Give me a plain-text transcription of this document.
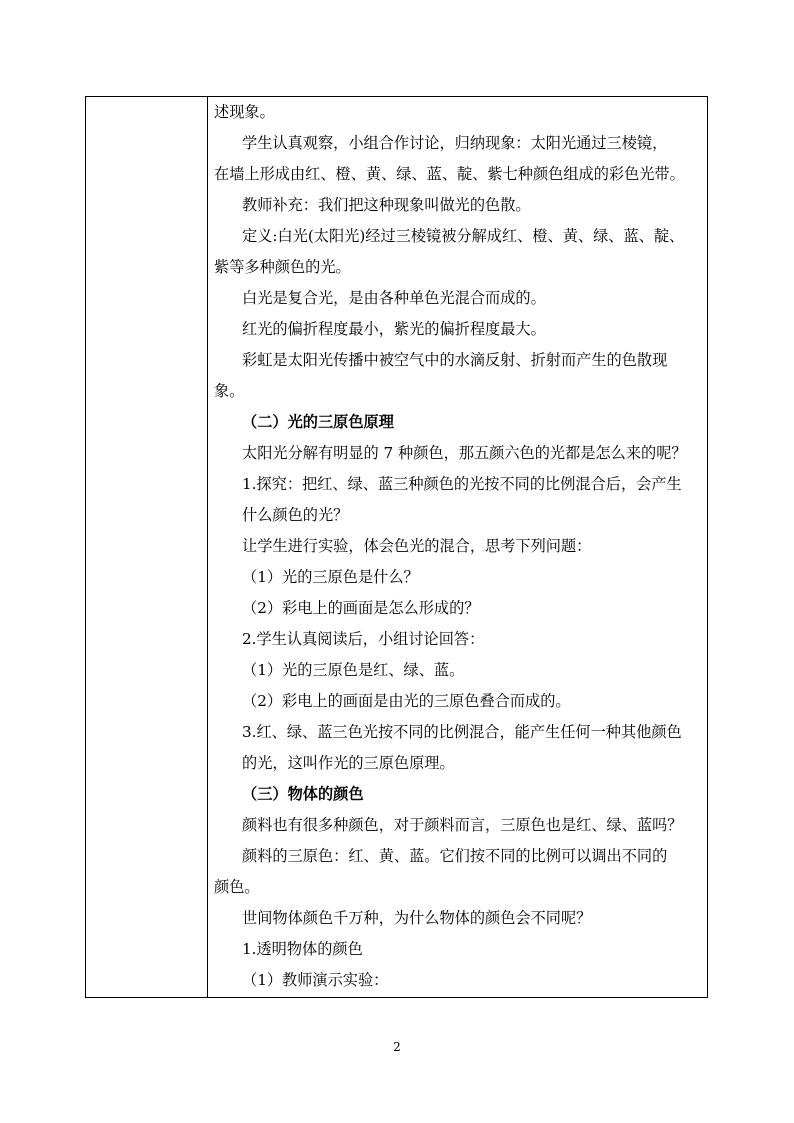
述现象。
学生认真观察，小组合作讨论，归纳现象：太阳光通过三棱镜，
在墙上形成由红、橙、黄、绿、蓝、靛、紫七种颜色组成的彩色光带。
教师补充：我们把这种现象叫做光的色散。
定义:白光(太阳光)经过三棱镜被分解成红、橙、黄、绿、蓝、靛、
紫等多种颜色的光。
白光是复合光，是由各种单色光混合而成的。
红光的偏折程度最小，紫光的偏折程度最大。
彩虹是太阳光传播中被空气中的水滴反射、折射而产生的色散现
象。
（二）光的三原色原理
太阳光分解有明显的 7 种颜色，那五颜六色的光都是怎么来的呢？
1.探究：把红、绿、蓝三种颜色的光按不同的比例混合后，会产生
什么颜色的光？
让学生进行实验，体会色光的混合，思考下列问题：
（1）光的三原色是什么？
（2）彩电上的画面是怎么形成的？
2.学生认真阅读后，小组讨论回答：
（1）光的三原色是红、绿、蓝。
（2）彩电上的画面是由光的三原色叠合而成的。
3.红、绿、蓝三色光按不同的比例混合，能产生任何一种其他颜色
的光，这叫作光的三原色原理。
（三）物体的颜色
颜料也有很多种颜色，对于颜料而言，三原色也是红、绿、蓝吗？
颜料的三原色：红、黄、蓝。它们按不同的比例可以调出不同的
颜色。
世间物体颜色千万种，为什么物体的颜色会不同呢？
1.透明物体的颜色
（1）教师演示实验：
2
